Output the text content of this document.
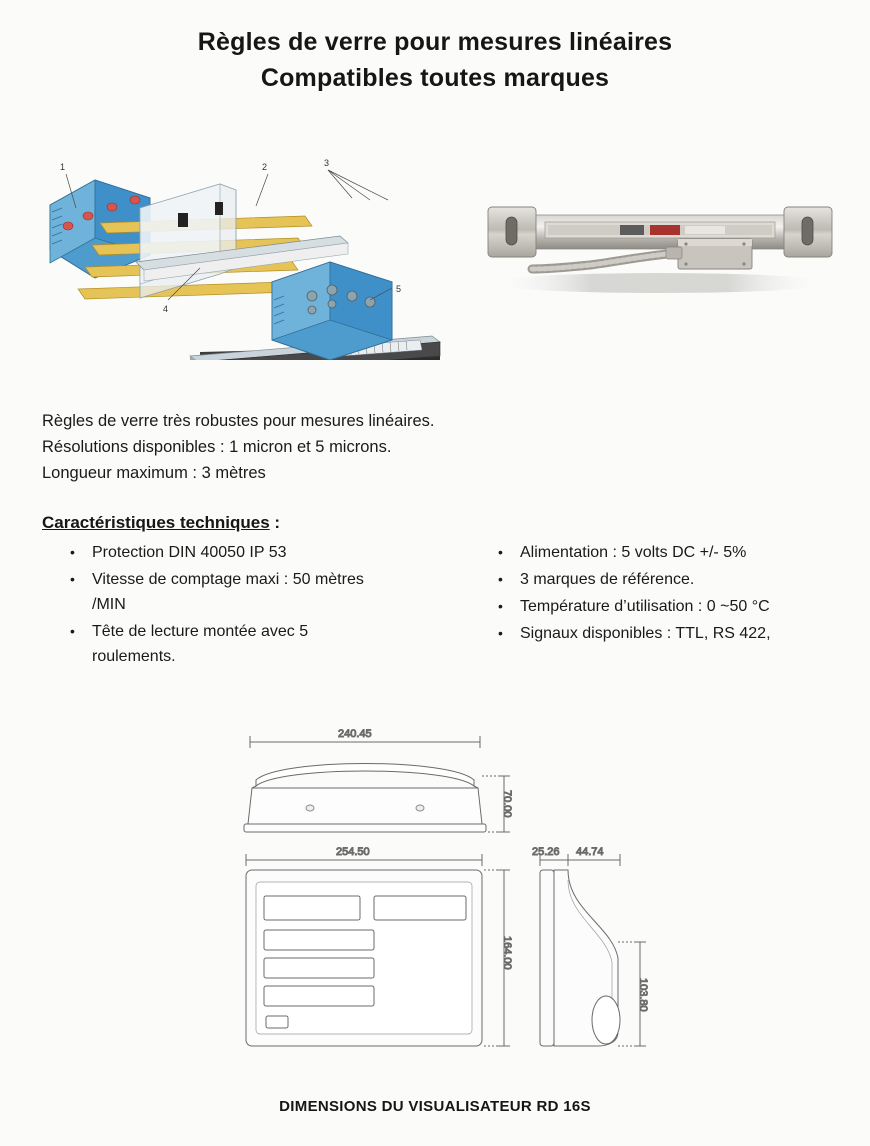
Règles de verre pour mesures linéaires
Compatibles toutes marques
1	2	3
4
5
Règles de verre très robustes pour mesures linéaires.
Résolutions disponibles : 1 micron et 5 microns.
Longueur maximum : 3 mètres
Caractéristiques techniques :
• Protection DIN 40050 IP 53
• Vitesse de comptage maxi : 50 mètres /MIN
• Tête de lecture montée avec 5 roulements.
• Alimentation : 5 volts DC +/- 5%
• 3 marques de référence.
• Température d’utilisation : 0 ~50 °C
• Signaux disponibles : TTL, RS 422,
240.45
70.00
254.50
164.00
25.26 44.74
103.80
DIMENSIONS DU VISUALISATEUR RD 16S
